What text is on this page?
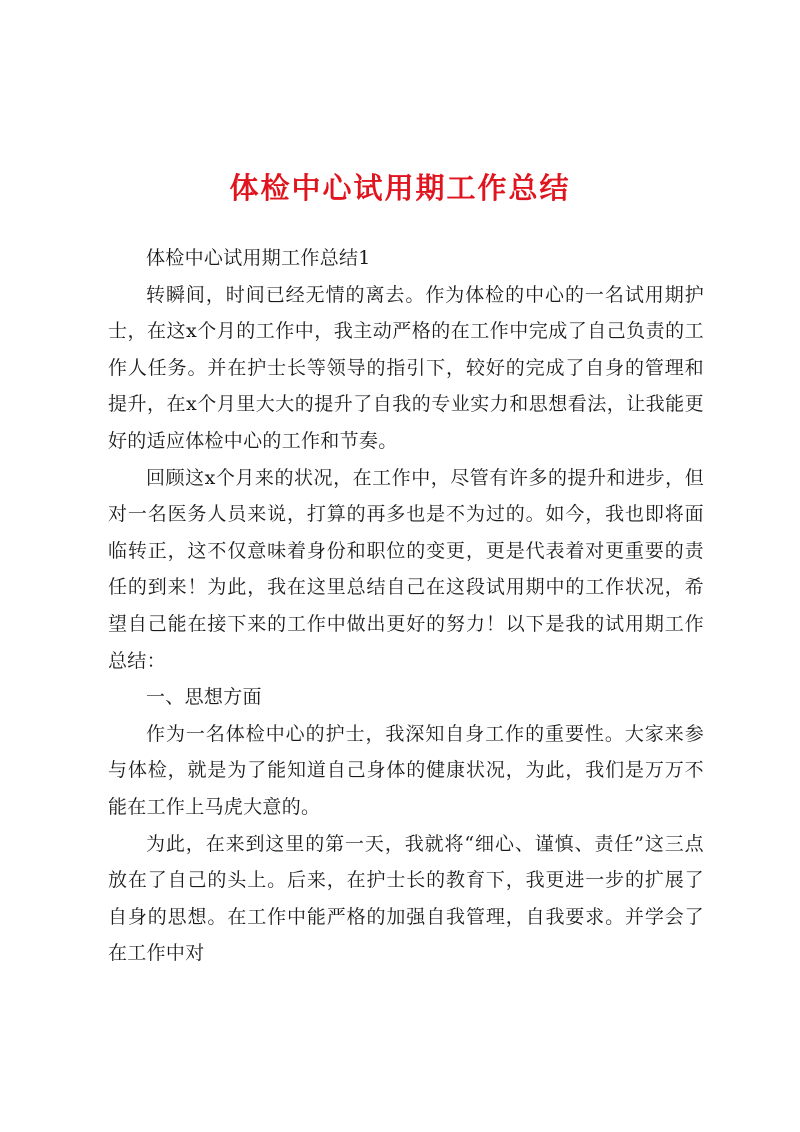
体检中心试用期工作总结

体检中心试用期工作总结1

转瞬间，时间已经无情的离去。作为体检的中心的一名试用期护士，在这x个月的工作中，我主动严格的在工作中完成了自己负责的工作人任务。并在护士长等领导的指引下，较好的完成了自身的管理和提升，在x个月里大大的提升了自我的专业实力和思想看法，让我能更好的适应体检中心的工作和节奏。

回顾这x个月来的状况，在工作中，尽管有许多的提升和进步，但对一名医务人员来说，打算的再多也是不为过的。如今，我也即将面临转正，这不仅意味着身份和职位的变更，更是代表着对更重要的责任的到来！为此，我在这里总结自己在这段试用期中的工作状况，希望自己能在接下来的工作中做出更好的努力！以下是我的试用期工作总结：

一、思想方面

作为一名体检中心的护士，我深知自身工作的重要性。大家来参与体检，就是为了能知道自己身体的健康状况，为此，我们是万万不能在工作上马虎大意的。

为此，在来到这里的第一天，我就将“细心、谨慎、责任”这三点放在了自己的头上。后来，在护士长的教育下，我更进一步的扩展了自身的思想。在工作中能严格的加强自我管理，自我要求。并学会了在工作中对
